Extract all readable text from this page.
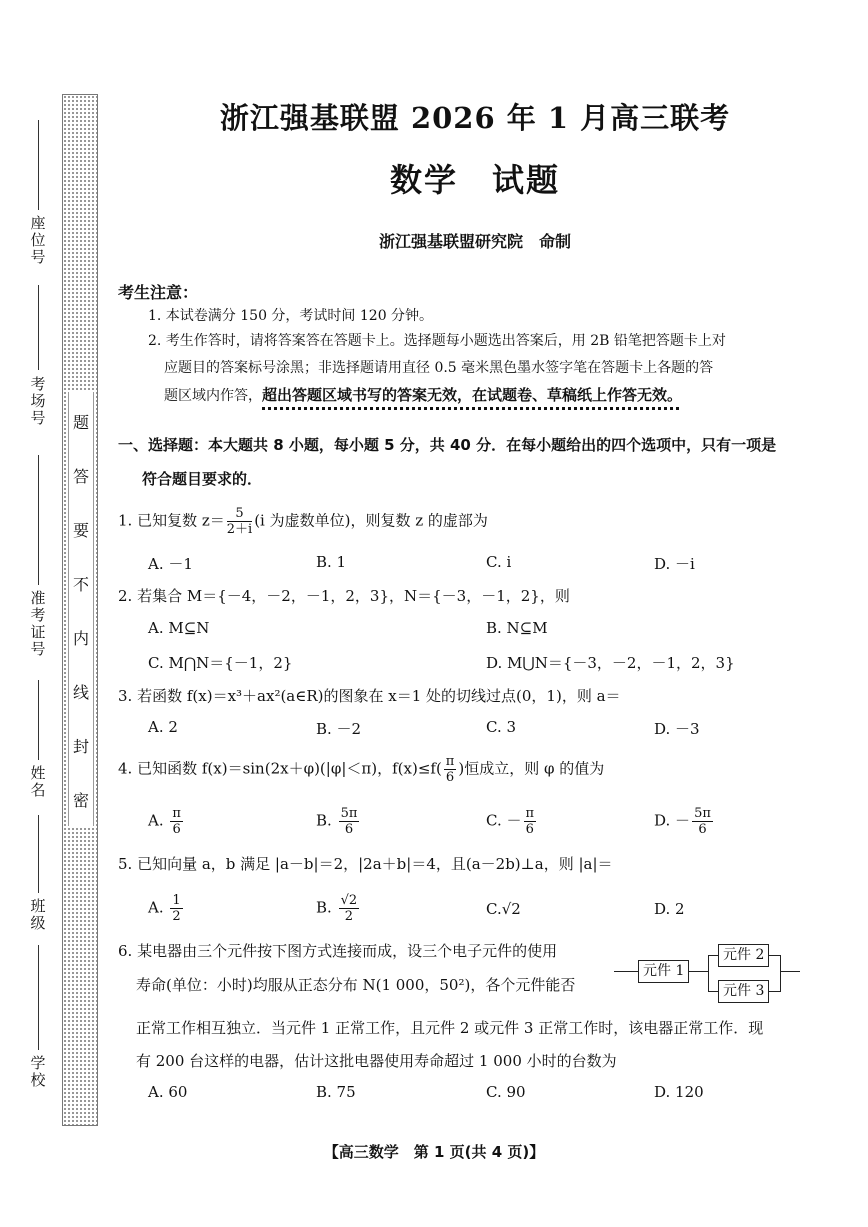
座位号
考场号
准考证号
姓名
班级
学校
题
答
要
不
内
线
封
密
浙江强基联盟 2026 年 1 月高三联考
数学　试题
浙江强基联盟研究院　命制
考生注意：
1. 本试卷满分 150 分，考试时间 120 分钟。
2. 考生作答时，请将答案答在答题卡上。选择题每小题选出答案后，用 2B 铅笔把答题卡上对
应题目的答案标号涂黑；非选择题请用直径 0.5 毫米黑色墨水签字笔在答题卡上各题的答
题区域内作答，超出答题区域书写的答案无效，在试题卷、草稿纸上作答无效。
一、选择题：本大题共 8 小题，每小题 5 分，共 40 分．在每小题给出的四个选项中，只有一项是
符合题目要求的．
1. 已知复数 $z= \frac{5}{2+i} (i$ 为虚数单位)，则复数 z 的虚部为
A. －1	B. 1	C. i	D. －i
2. 若集合 M＝{－4，－2，－1，2，3}，N＝{－3，－1，2}，则
A. M⊆N	B. N⊆M
C. M⋂N＝{－1，2}	D. M⋃N＝{－3，－2，－1，2，3}
3. 若函数 f(x)＝x³＋ax²(a∈R)的图象在 x＝1 处的切线过点(0，1)，则 a＝
A. 2	B. －2	C. 3	D. －3
4. 已知函数 f(x)＝sin(2x＋φ)(|φ|＜π)，$f(x)\le f( \frac{\pi}{6}$ )恒成立，则 φ 的值为
A. $\frac{\pi}{6}$	B. $\frac{5\pi}{6}$	C. － $\frac{\pi}{6}$	D. － $\frac{5\pi}{6}$
5. 已知向量 a，b 满足 |a－b|＝2，|2a＋b|＝4，且(a－2b)⊥a，则 |a|＝
A. $\frac{1}{2}$	B. $\frac{√2}{2}$	C.√2	D. 2
6. 某电器由三个元件按下图方式连接而成，设三个电子元件的使用
寿命(单位：小时)均服从正态分布 N(1 000，50²)，各个元件能否
正常工作相互独立．当元件 1 正常工作，且元件 2 或元件 3 正常工作时，该电器正常工作．现
有 200 台这样的电器，估计这批电器使用寿命超过 1 000 小时的台数为
元件 1
元件 2
元件 3
A. 60	B. 75	C. 90	D. 120
【高三数学　第 1 页(共 4 页)】
